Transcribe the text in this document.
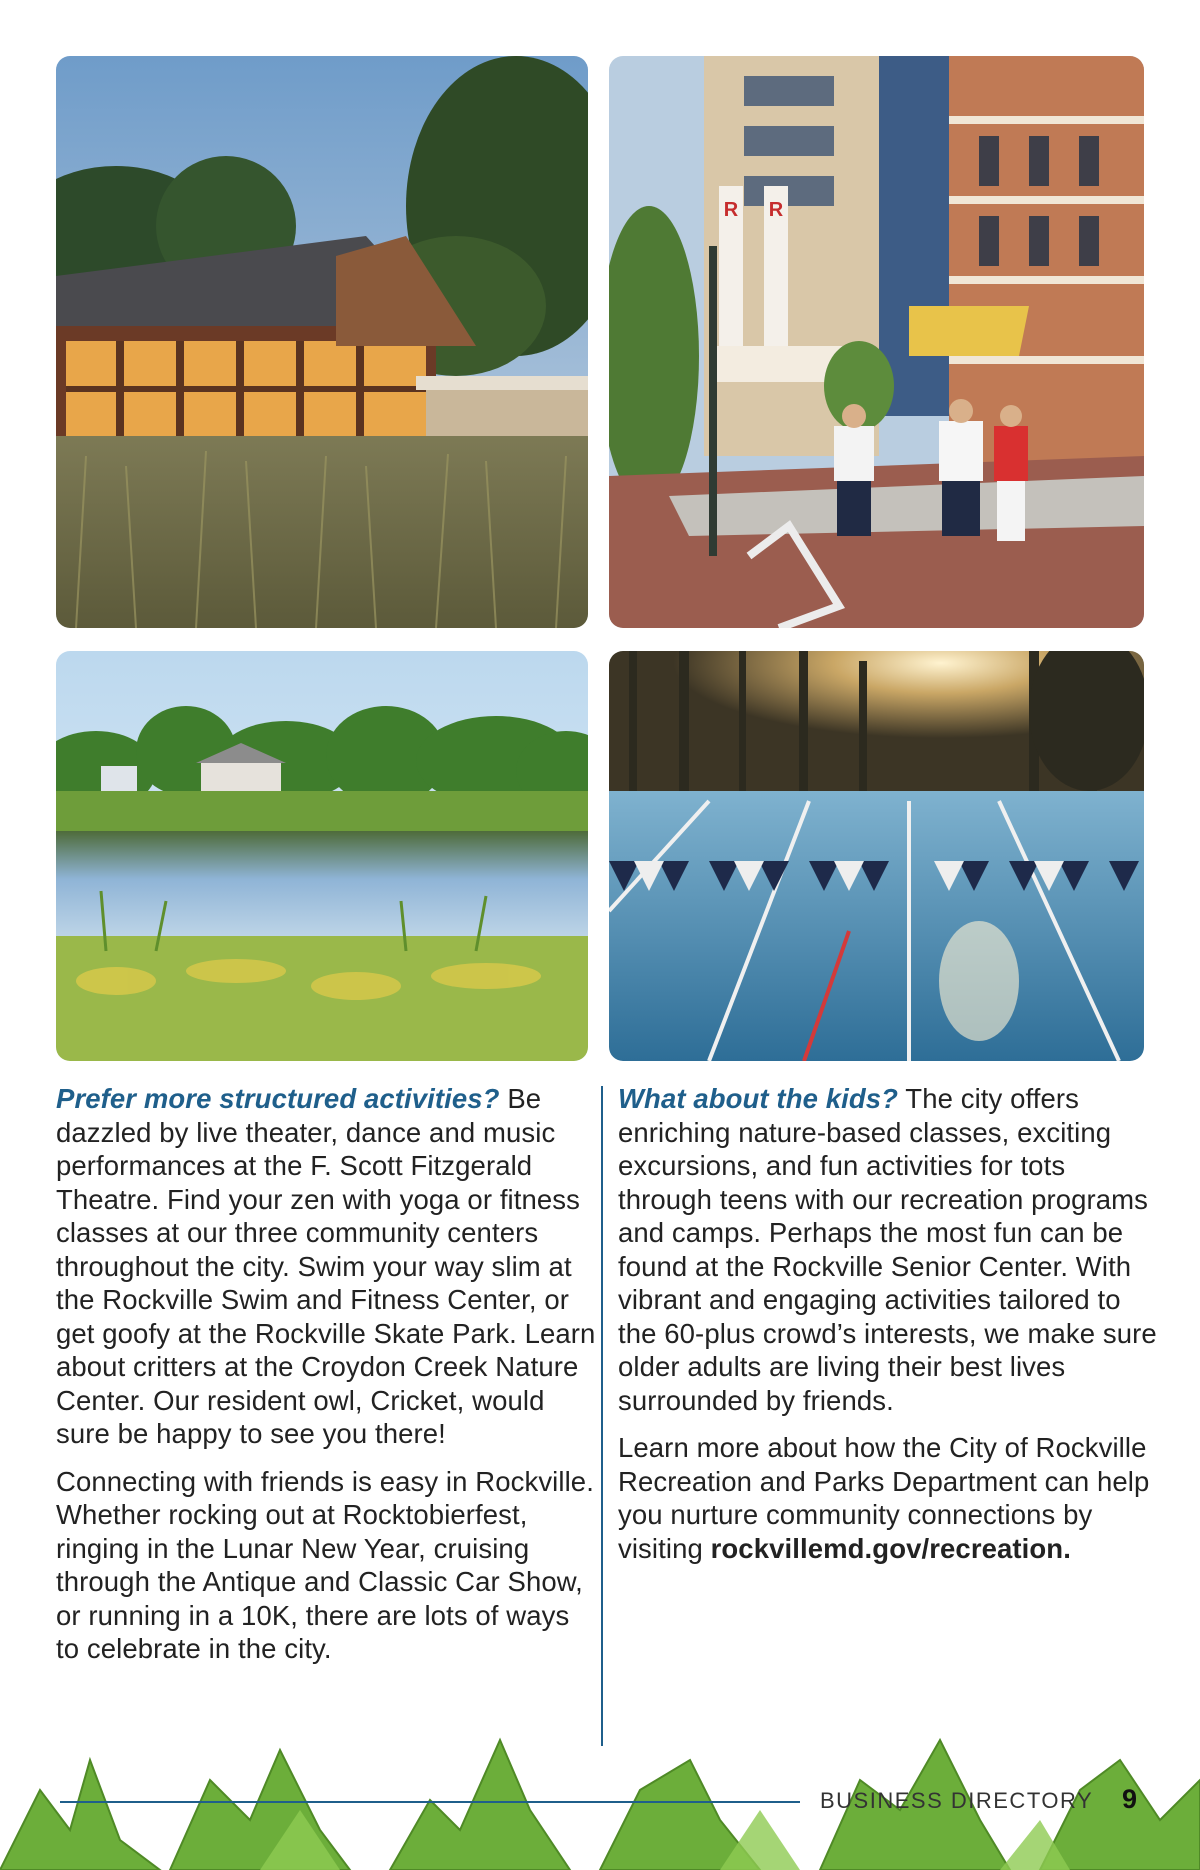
R R

Prefer more structured activities? Be dazzled by live theater, dance and music performances at the F. Scott Fitzgerald Theatre. Find your zen with yoga or fitness classes at our three community centers throughout the city. Swim your way slim at the Rockville Swim and Fitness Center, or get goofy at the Rockville Skate Park. Learn about critters at the Croydon Creek Nature Center. Our resident owl, Cricket, would sure be happy to see you there!

Connecting with friends is easy in Rockville. Whether rocking out at Rocktobierfest, ringing in the Lunar New Year, cruising through the Antique and Classic Car Show, or running in a 10K, there are lots of ways to celebrate in the city.

What about the kids? The city offers enriching nature-based classes, exciting excursions, and fun activities for tots through teens with our recreation programs and camps. Perhaps the most fun can be found at the Rockville Senior Center. With vibrant and engaging activities tailored to the 60-plus crowd’s interests, we make sure older adults are living their best lives surrounded by friends.

Learn more about how the City of Rockville Recreation and Parks Department can help you nurture community connections by visiting rockvillemd.gov/recreation.

BUSINESS DIRECTORY 9
